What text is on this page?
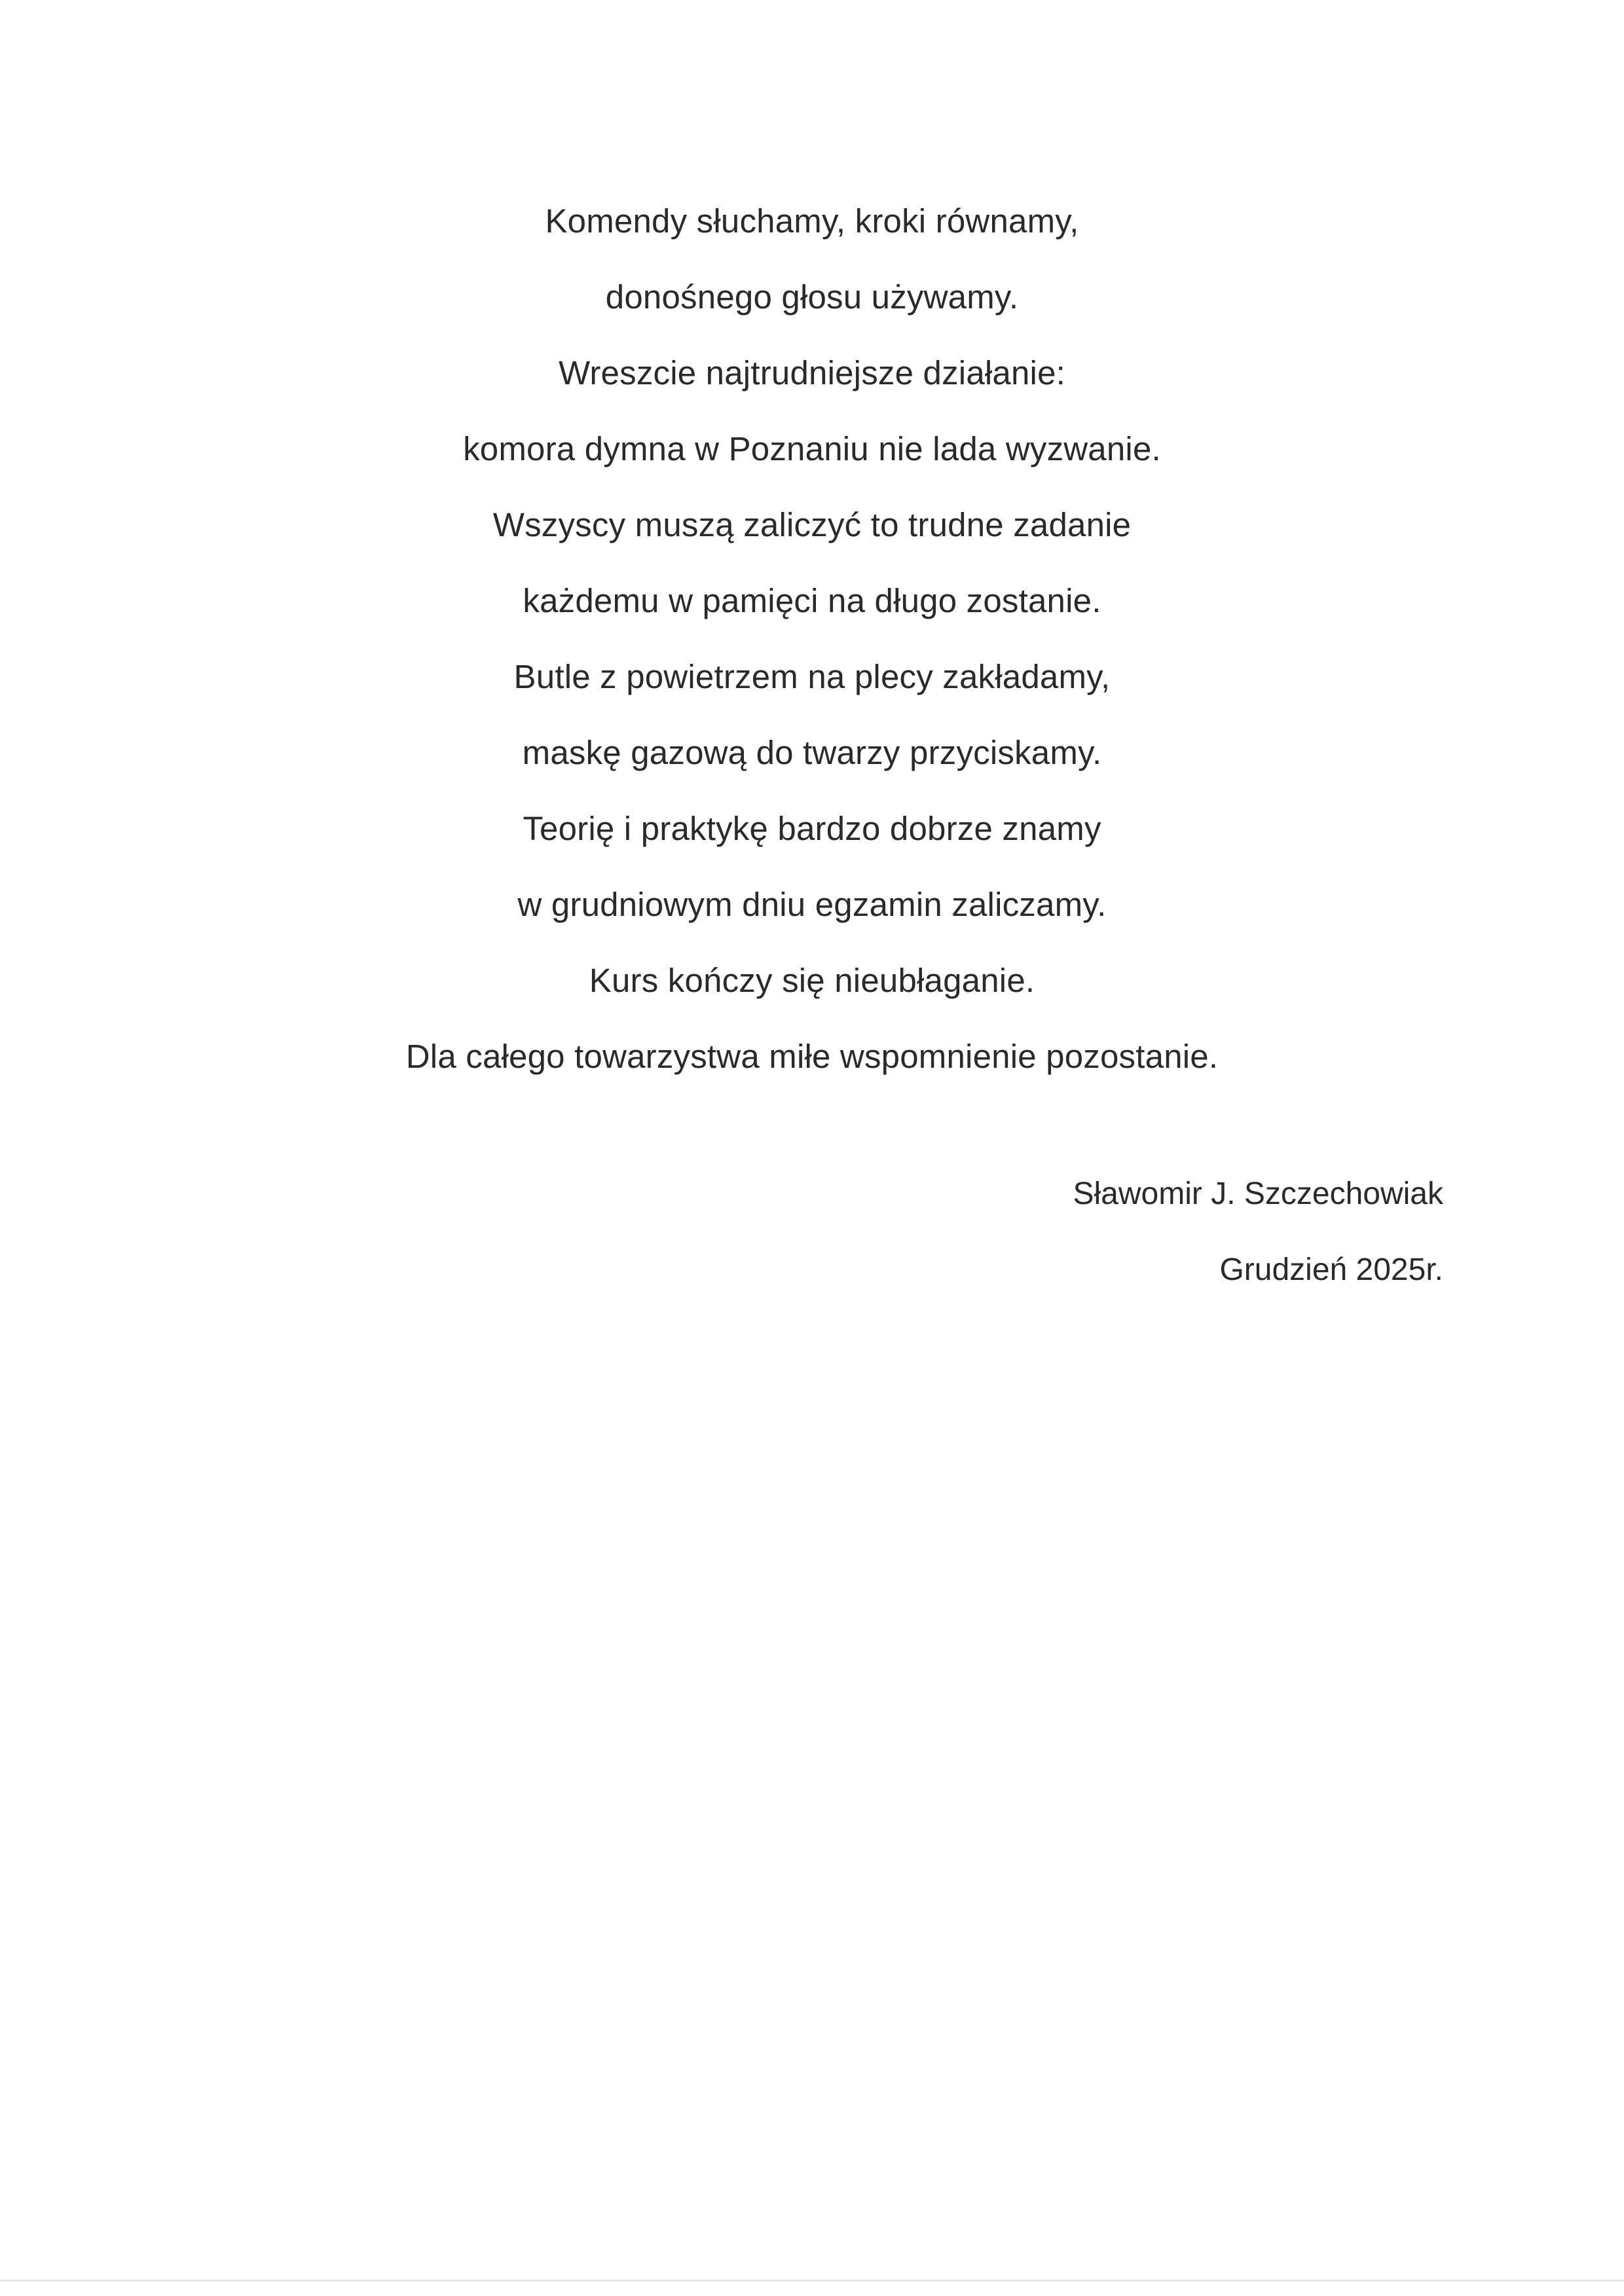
Komendy słuchamy, kroki równamy,
donośnego głosu używamy.
Wreszcie najtrudniejsze działanie:
komora dymna w Poznaniu nie lada wyzwanie.
Wszyscy muszą zaliczyć to trudne zadanie
każdemu w pamięci na długo zostanie.
Butle z powietrzem na plecy zakładamy,
maskę gazową do twarzy przyciskamy.
Teorię i praktykę bardzo dobrze znamy
w grudniowym dniu egzamin zaliczamy.
Kurs kończy się nieubłaganie.
Dla całego towarzystwa miłe wspomnienie pozostanie.
Sławomir J. Szczechowiak
Grudzień 2025r.
